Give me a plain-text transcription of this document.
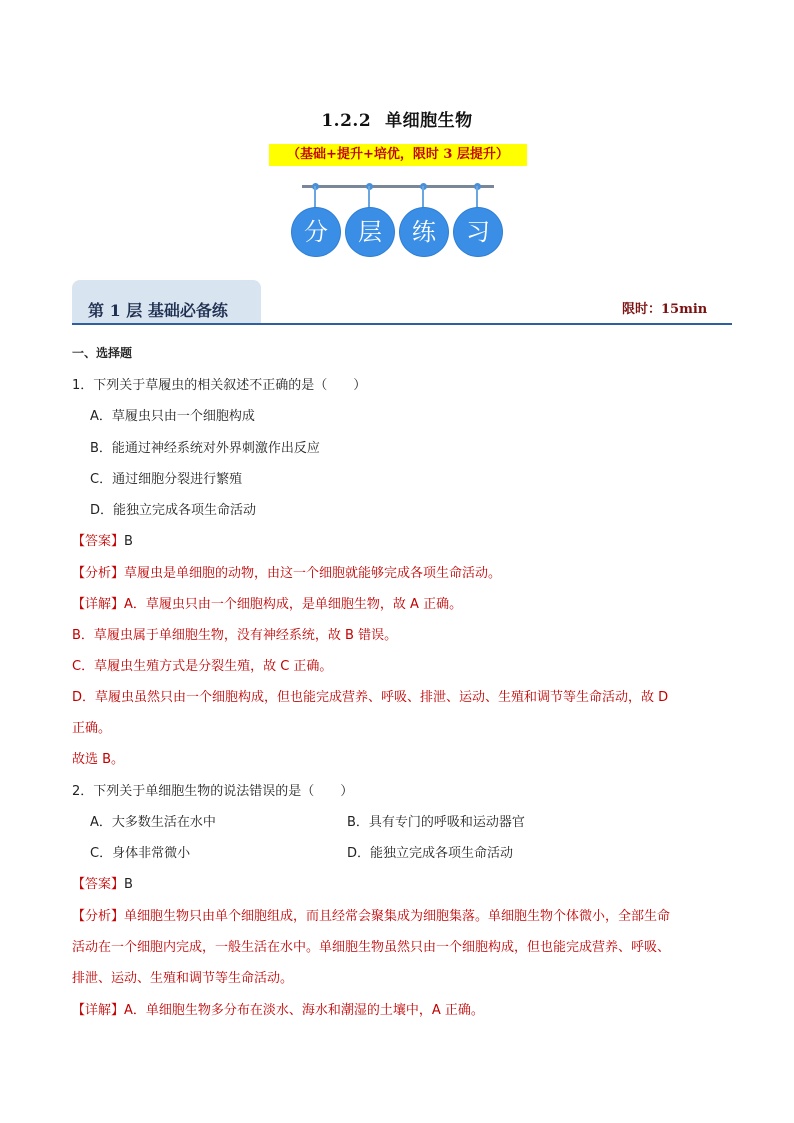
1.2.2 单细胞生物
（基础+提升+培优，限时 3 层提升）
分	层	练	习
第 1 层 基础必备练	限时：15min
一、选择题
1．下列关于草履虫的相关叙述不正确的是（　　）
A．草履虫只由一个细胞构成
B．能通过神经系统对外界刺激作出反应
C．通过细胞分裂进行繁殖
D．能独立完成各项生命活动
【答案】B
【分析】草履虫是单细胞的动物，由这一个细胞就能够完成各项生命活动。
【详解】A．草履虫只由一个细胞构成，是单细胞生物，故 A 正确。
B．草履虫属于单细胞生物，没有神经系统，故 B 错误。
C．草履虫生殖方式是分裂生殖，故 C 正确。
D．草履虫虽然只由一个细胞构成，但也能完成营养、呼吸、排泄、运动、生殖和调节等生命活动，故 D
正确。
故选 B。
2．下列关于单细胞生物的说法错误的是（　　）
A．大多数生活在水中	B．具有专门的呼吸和运动器官
C．身体非常微小	D．能独立完成各项生命活动
【答案】B
【分析】单细胞生物只由单个细胞组成，而且经常会聚集成为细胞集落。单细胞生物个体微小，全部生命
活动在一个细胞内完成，一般生活在水中。单细胞生物虽然只由一个细胞构成，但也能完成营养、呼吸、
排泄、运动、生殖和调节等生命活动。
【详解】A．单细胞生物多分布在淡水、海水和潮湿的土壤中，A 正确。
